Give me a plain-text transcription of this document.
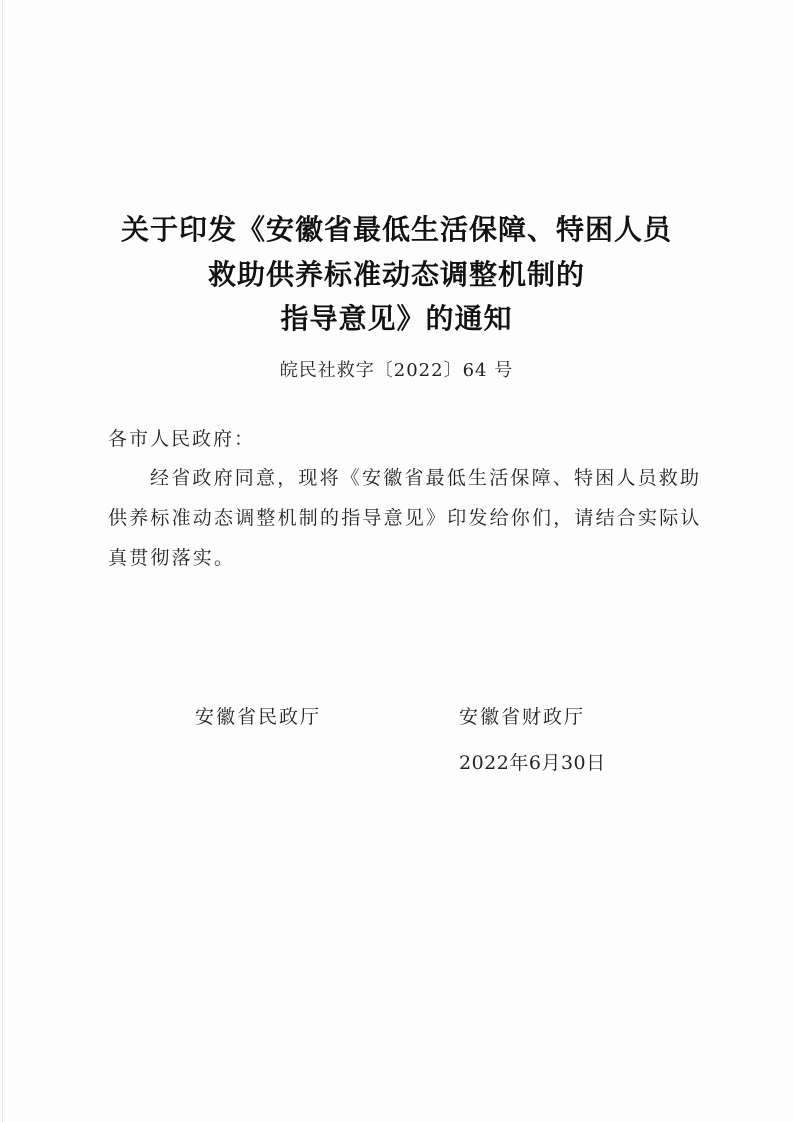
关于印发《安徽省最低生活保障、特困人员
救助供养标准动态调整机制的
指导意见》的通知
皖民社救字〔2022〕64 号
各市人民政府：
经省政府同意，现将《安徽省最低生活保障、特困人员救助
供养标准动态调整机制的指导意见》印发给你们，请结合实际认
真贯彻落实。
安徽省民政厅	安徽省财政厅
2022年6月30日
